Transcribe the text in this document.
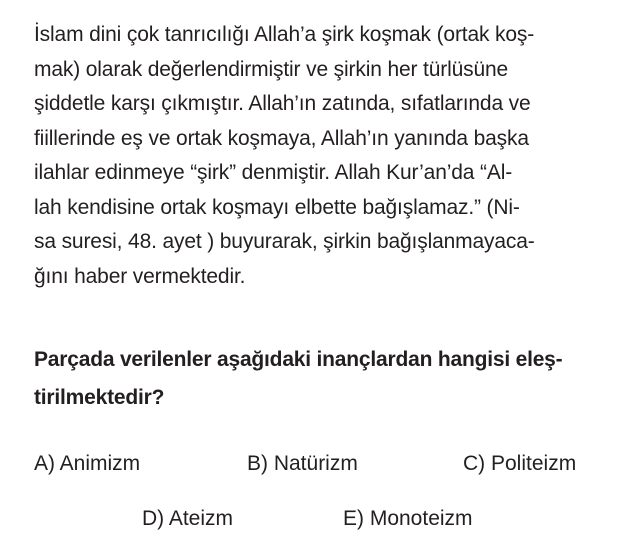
İslam dini çok tanrıcılığı Allah’a şirk koşmak (ortak koş-
mak) olarak değerlendirmiştir ve şirkin her türlüsüne
şiddetle karşı çıkmıştır. Allah’ın zatında, sıfatlarında ve
fiillerinde eş ve ortak koşmaya, Allah’ın yanında başka
ilahlar edinmeye “şirk” denmiştir. Allah Kur’an’da “Al-
lah kendisine ortak koşmayı elbette bağışlamaz.” (Ni-
sa suresi, 48. ayet ) buyurarak, şirkin bağışlanmayaca-
ğını haber vermektedir.
Parçada verilenler aşağıdaki inançlardan hangisi eleş-
tirilmektedir?
A) Animizm	B) Natürizm	C) Politeizm
D) Ateizm	E) Monoteizm
